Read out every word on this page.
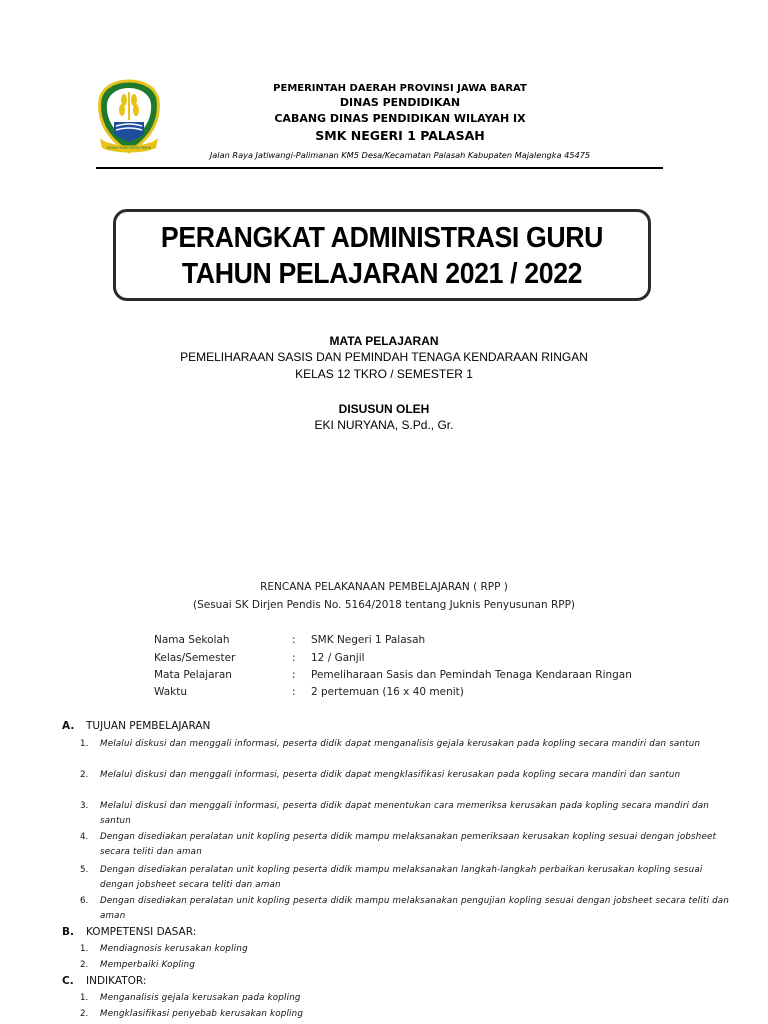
GEMAH RIPAH REPEH RAPIH
PEMERINTAH DAERAH PROVINSI JAWA BARAT
DINAS PENDIDIKAN
CABANG DINAS PENDIDIKAN WILAYAH IX
SMK NEGERI 1 PALASAH
Jalan Raya Jatiwangi-Palimanan KM5 Desa/Kecamatan Palasah Kabupaten Majalengka 45475
PERANGKAT ADMINISTRASI GURU
TAHUN PELAJARAN 2021 / 2022
MATA PELAJARAN
PEMELIHARAAN SASIS DAN PEMINDAH TENAGA KENDARAAN RINGAN
KELAS 12 TKRO / SEMESTER 1
DISUSUN OLEH
EKI NURYANA, S.Pd., Gr.
RENCANA PELAKANAAN PEMBELAJARAN ( RPP )
(Sesuai SK Dirjen Pendis No. 5164/2018 tentang Juknis Penyusunan RPP)
Nama Sekolah	: SMK Negeri 1 Palasah
Kelas/Semester	: 12 / Ganjil
Mata Pelajaran	: Pemeliharaan Sasis dan Pemindah Tenaga Kendaraan Ringan
Waktu	: 2 pertemuan (16 x 40 menit)
A. TUJUAN PEMBELAJARAN
1. Melalui diskusi dan menggali informasi, peserta didik dapat menganalisis gejala kerusakan pada kopling secara mandiri dan santun
2. Melalui diskusi dan menggali informasi, peserta didik dapat mengklasifikasi kerusakan pada kopling secara mandiri dan santun
3. Melalui diskusi dan menggali informasi, peserta didik dapat menentukan cara memeriksa kerusakan pada kopling secara mandiri dan santun
4. Dengan disediakan peralatan unit kopling peserta didik mampu melaksanakan pemeriksaan kerusakan kopling sesuai dengan jobsheet secara teliti dan aman
5. Dengan disediakan peralatan unit kopling peserta didik mampu melaksanakan langkah-langkah perbaikan kerusakan kopling sesuai dengan jobsheet secara teliti dan aman
6. Dengan disediakan peralatan unit kopling peserta didik mampu melaksanakan pengujian kopling sesuai dengan jobsheet secara teliti dan aman
B. KOMPETENSI DASAR:
1. Mendiagnosis kerusakan kopling
2. Memperbaiki Kopling
C. INDIKATOR:
1. Menganalisis gejala kerusakan pada kopling
2. Mengklasifikasi penyebab kerusakan kopling
